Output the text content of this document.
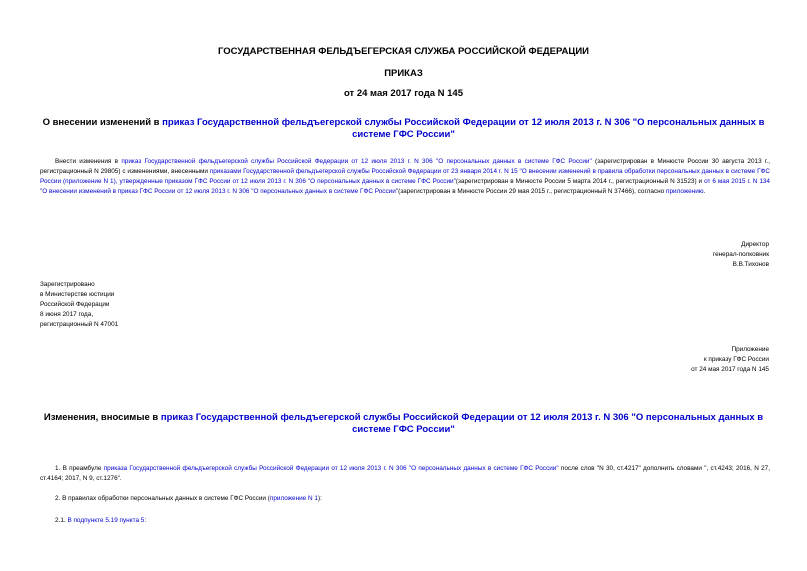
ГОСУДАРСТВЕННАЯ ФЕЛЬДЪЕГЕРСКАЯ СЛУЖБА РОССИЙСКОЙ ФЕДЕРАЦИИ
ПРИКАЗ
от 24 мая 2017 года N 145
О внесении изменений в приказ Государственной фельдъегерской службы Российской Федерации от 12 июля 2013 г. N 306 "О персональных данных в системе ГФС России"
Внести изменения в приказ Государственной фельдъегерской службы Российской Федерации от 12 июля 2013 г. N 306 "О персональных данных в системе ГФС России" (зарегистрирован в Минюсте России 30 августа 2013 г., регистрационный N 29805) с изменениями, внесенными приказами Государственной фельдъегерской службы Российской Федерации от 23 января 2014 г. N 15 "О внесении изменений в правила обработки персональных данных в системе ГФС России (приложение N 1), утвержденные приказом ГФС России от 12 июля 2013 г. N 306 "О персональных данных в системе ГФС России"(зарегистрирован в Минюсте России 5 марта 2014 г., регистрационный N 31523) и от 6 мая 2015 г. N 134 "О внесении изменений в приказ ГФС России от 12 июля 2013 г. N 306 "О персональных данных в системе ГФС России"(зарегистрирован в Минюсте России 29 мая 2015 г., регистрационный N 37466), согласно приложению.
Директор
генерал-полковник
В.В.Тихонов
Зарегистрировано
в Министерстве юстиции
Российской Федерации
8 июня 2017 года,
регистрационный N 47001
Приложение
к приказу ГФС России
от 24 мая 2017 года N 145
Изменения, вносимые в приказ Государственной фельдъегерской службы Российской Федерации от 12 июля 2013 г. N 306 "О персональных данных в системе ГФС России"
1. В преамбуле приказа Государственной фельдъегерской службы Российской Федерации от 12 июля 2013 г. N 306 "О персональных данных в системе ГФС России" после слов "N 30, ст.4217" дополнить словами ", ст.4243; 2016, N 27, ст.4164; 2017, N 9, ст.1276".
2. В правилах обработки персональных данных в системе ГФС России (приложение N 1):
2.1. В подпункте 5.19 пункта 5:
